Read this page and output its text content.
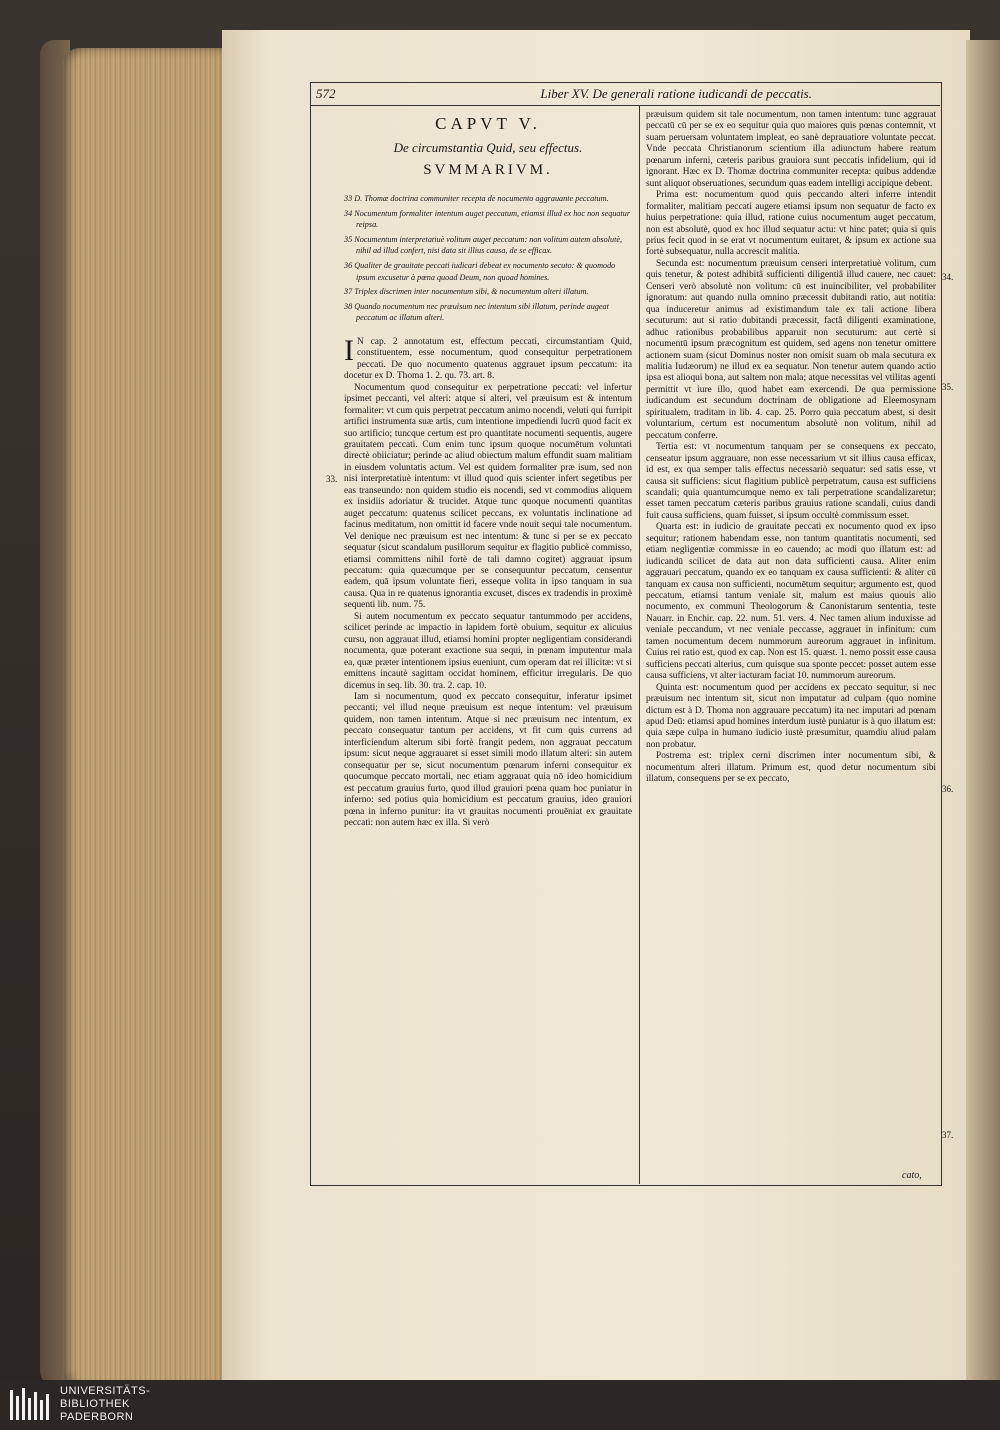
572	Liber XV. De generali ratione iudicandi de peccatis.
CAPVT V.
De circumstantia Quid, seu effectus.
SVMMARIVM.

33 D. Thomæ doctrina communiter recepta de nocumento aggrauante peccatum.

34 Nocumentum formaliter intentum auget peccatum, etiamsi illud ex hoc non sequatur reipsa.

35 Nocumentum interpretatiuè volitum auget peccatum: non volitum autem absolutè, nihil ad illud confert, nisi data sit illius causa, de se efficax.

36 Qualiter de grauitate peccati iudicari debeat ex nocumento secuto: & quomodo ipsum excusetur à pœna quoad Deum, non quoad homines.

37 Triplex discrimen inter nocumentum sibi, & nocumentum alteri illatum.

38 Quando nocumentum nec præuisum nec intentum sibi illatum, perinde augeat peccatum ac illatum alteri.

I N cap. 2 annotatum est, effectum peccati, circumstantiam Quid, constituentem, esse nocumentum, quod consequitur perpetrationem peccati. De quo nocumento quatenus aggrauet ipsum peccatum: ita docetur ex D. Thoma 1. 2. qu. 73. art. 8.

Nocumentum quod consequitur ex perpetratione peccati: vel infertur ipsimet peccanti, vel alteri: atque si alteri, vel præuisum est & intentum formaliter: vt cum quis perpetrat peccatum animo nocendi, veluti qui furripit artifici instrumenta suæ artis, cum intentione impediendi lucrū quod facit ex suo artificio; tuncque certum est pro quantitate nocumenti sequentis, augere grauitatem peccati. Cum enim tunc ipsum quoque nocumētum voluntati directè obiiciatur; perinde ac aliud obiectum malum effundit suam malitiam in eiusdem voluntatis actum. Vel est quidem formaliter præ isum, sed non nisi interpretatiuè intentum: vt illud quod quis scienter infert segetibus per eas transeundo: non quidem studio eis nocendi, sed vt commodius aliquem ex insidiis adoriatur & trucidet. Atque tunc quoque nocumenti quantitas auget peccatum: quatenus scilicet peccans, ex voluntatis inclinatione ad facinus meditatum, non omittit id facere vnde nouit sequi tale nocumentum. Vel denique nec præuisum est nec intentum: & tunc si per se ex peccato sequatur (sicut scandalum pusillorum sequitur ex flagitio publicè commisso, etiamsi committens nihil fortè de tali damno cogitet) aggrauat ipsum peccatum: quia quæcumque per se consequuntur peccatum, censentur eadem, quā ipsum voluntate fieri, esseque volita in ipso tanquam in sua causa. Qua in re quatenus ignorantia excuset, disces ex tradendis in proximè sequenti lib. num. 75.

Si autem nocumentum ex peccato sequatur tantummodo per accidens, scilicet perinde ac impactio in lapidem fortè obuium, sequitur ex alicuius cursu, non aggrauat illud, etiamsi homini propter negligentiam considerandi nocumenta, quæ poterant exactione sua sequi, in pœnam imputentur mala ea, quæ præter intentionem ipsius eueniunt, cum operam dat rei illicitæ: vt si emittens incautè sagittam occidat hominem, efficitur irregularis. De quo dicemus in seq. lib. 30. tra. 2. cap. 10.

Iam si nocumentum, quod ex peccato consequitur, inferatur ipsimet peccanti; vel illud neque præuisum est neque intentum: vel præuisum quidem, non tamen intentum. Atque si nec præuisum nec intentum, ex peccato consequatur tantum per accidens, vt fit cum quis currens ad interficiendum alterum sibi fortè frangit pedem, non aggrauat peccatum ipsum: sicut neque aggrauaret si esset simili modo illatum alteri: sin autem consequatur per se, sicut nocumentum pœnarum inferni consequitur ex quocumque peccato mortali, nec etiam aggrauat quia nō ideo homicidium est peccatum grauius furto, quod illud grauiori pœna quam hoc puniatur in inferno: sed potius quia homicidium est peccatum grauius, ideo grauiori pœna in inferno punitur: ita vt grauitas nocumenti prouēniat ex grauitate peccati: non autem hæc ex illa. Si verò

præuisum quidem sit tale nocumentum, non tamen intentum: tunc aggrauat peccatū cū per se ex eo sequitur quia quo maiores quis pœnas contemnit, vt suam peruersam voluntatem impleat, eo sanè deprauatiore voluntate peccat. Vnde peccata Christianorum scientium illa adiunctum habere reatum pœnarum inferni, cæteris paribus grauiora sunt peccatis infidelium, qui id ignorant. Hæc ex D. Thomæ doctrina communiter recepta: quibus addendæ sunt aliquot obseruationes, secundum quas eadem intelligi accipique debent.

Prima est: nocumentum quod quis peccando alteri inferre intendit formaliter, malitiam peccati augere etiamsi ipsum non sequatur de facto ex huius perpetratione: quia illud, ratione cuius nocumentum auget peccatum, non est absolutè, quod ex hoc illud sequatur actu: vt hinc patet; quia si quis prius fecit quod in se erat vt nocumentum euitaret, & ipsum ex actione sua fortè subsequatur, nulla accrescit malitia.

Secunda est: nocumentum præuisum censeri interpretatiuè volitum, cum quis tenetur, & potest adhibitâ sufficienti diligentiâ illud cauere, nec cauet: Censeri verò absolutè non volitum: cū est inuincibiliter, vel probabiliter ignoratum: aut quando nulla omnino præcessit dubitandi ratio, aut notitia: qua induceretur animus ad existimandum tale ex tali actione libera secuturum: aut si ratio dubitandi præcessit, factâ diligenti examinatione, adhuc rationibus probabilibus apparuit non secuturum: aut certè si nocumentū ipsum præcognitum est quidem, sed agens non tenetur omittere actionem suam (sicut Dominus noster non omisit suam ob mala secutura ex malitia Iudæorum) ne illud ex ea sequatur. Non tenetur autem quando actio ipsa est alioqui bona, aut saltem non mala; atque necessitas vel vtilitas agenti permittit vt iure illo, quod habet eam exercendi. De qua permissione iudicandum est secundum doctrinam de obligatione ad Eleemosynam spiritualem, traditam in lib. 4. cap. 25. Porro quia peccatum abest, si desit voluntarium, certum est nocumentum absolutè non volitum, nihil ad peccatum conferre.

Tertia est: vt nocumentum tanquam per se consequens ex peccato, censeatur ipsum aggrauare, non esse necessarium vt sit illius causa efficax, id est, ex qua semper talis effectus necessariò sequatur: sed satis esse, vt causa sit sufficiens: sicut flagitium publicè perpetratum, causa est sufficiens scandali; quia quantumcumque nemo ex tali perpetratione scandalizaretur; esset tamen peccatum cæteris paribus grauius ratione scandali, cuius dandi fuit causa sufficiens, quam fuisset, si ipsum occultè commissum esset.

Quarta est: in iudicio de grauitate peccati ex nocumento quod ex ipso sequitur; rationem habendam esse, non tantum quantitatis nocumenti, sed etiam negligentiæ commissæ in eo cauendo; ac modi quo illatum est: ad iudicandū scilicet de data aut non data sufficienti causa. Aliter enim aggrauari peccatum, quando ex eo tanquam ex causa sufficienti: & aliter cū tanquam ex causa non sufficienti, nocumētum sequitur; argumento est, quod peccatum, etiamsi tantum veniale sit, malum est maius quouis alio nocumento, ex communi Theologorum & Canonistarum sententia, teste Nauarr. in Enchir. cap. 22. num. 51. vers. 4. Nec tamen alium induxisse ad veniale peccandum, vt nec veniale peccasse, aggrauet in infinitum: cum tamen nocumentum decem nummorum aureorum aggrauet in infinitum. Cuius rei ratio est, quod ex cap. Non est 15. quæst. 1. nemo possit esse causa sufficiens peccati alterius, cum quisque sua sponte peccet: posset autem esse causa sufficiens, vt alter iacturam faciat 10. nummorum aureorum.

Quinta est: nocumentum quod per accidens ex peccato sequitur, si nec præuisum nec intentum sit, sicut non imputatur ad culpam (quo nomine dictum est à D. Thoma non aggrauare peccatum) ita nec imputari ad pœnam apud Deū: etiamsi apud homines interdum iustè puniatur is à quo illatum est: quia sæpe culpa in humano iudicio iustè præsumitur, quamdiu aliud palam non probatur.

Postrema est: triplex cerni discrimen inter nocumentum sibi, & nocumentum alteri illatum. Primum est, quod detur nocumentum sibi illatum, consequens per se ex peccato,

33.
34.
35.
36.
37.
cato,
UNIVERSITÄTS-
BIBLIOTHEK
PADERBORN
